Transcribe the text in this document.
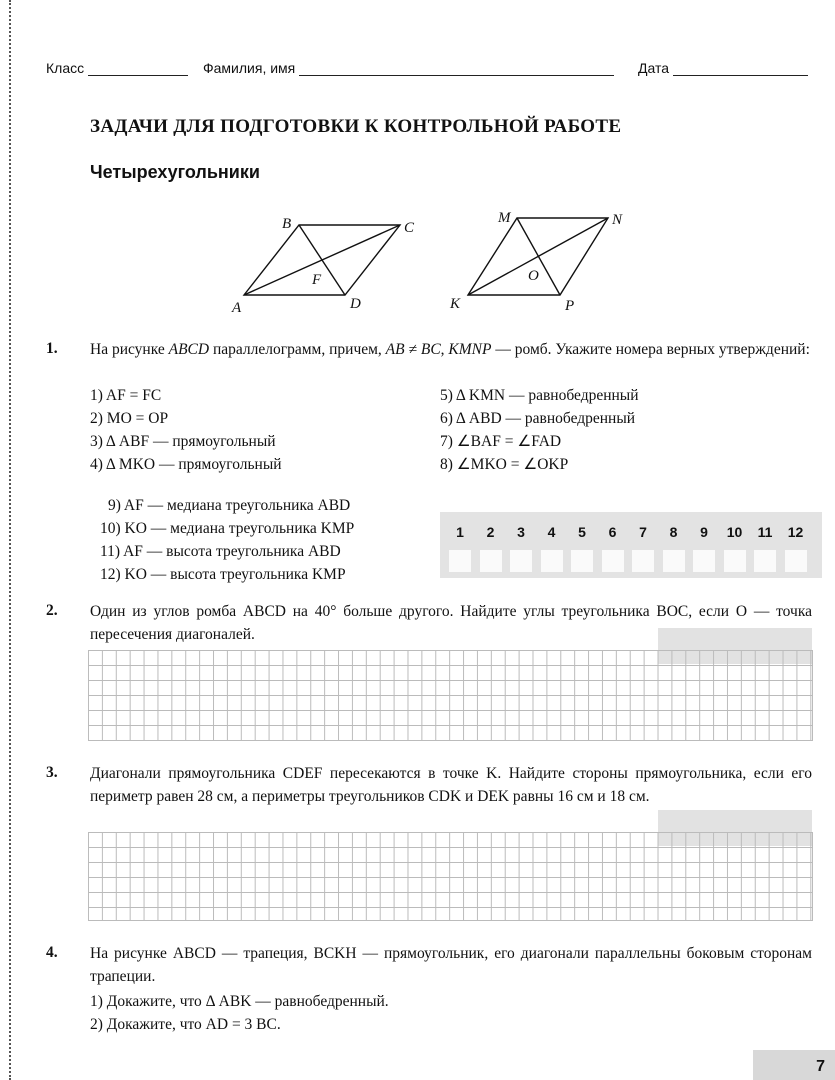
Класс	Фамилия, имя	Дата
ЗАДАЧИ ДЛЯ ПОДГОТОВКИ К КОНТРОЛЬНОЙ РАБОТЕ
Четырехугольники
A
B	C
D
F
K
M	N
P
O
1. На рисунке ABCD параллелограмм, причем, AB ≠ BC, KMNP — ромб. Укажите номера верных утверждений:
1) AF = FC
2) MO = OP
3) Δ ABF — прямоугольный
4) Δ MKO — прямоугольный
5) Δ KMN — равнобедренный
6) Δ ABD — равнобедренный
7) ∠BAF = ∠FAD
8) ∠MKO = ∠OKP
9) AF — медиана треугольника ABD
10) KO — медиана треугольника KMP
11) AF — высота треугольника ABD
12) KO — высота треугольника KMP
1	2	3	4	5	6	7	8	9	10	11	12
2. Один из углов ромба ABCD на 40° больше другого. Найдите углы треугольника BOC, если O — точка пересечения диагоналей.
3. Диагонали прямоугольника CDEF пересекаются в точке K. Найдите стороны прямоугольника, если его периметр равен 28 см, а периметры треугольников CDK и DEK равны 16 см и 18 см.
4. На рисунке ABCD — трапеция, BCKH — прямоугольник, его диагонали параллельны боковым сторонам трапеции.
1) Докажите, что Δ ABK — равнобедренный.
2) Докажите, что AD = 3 BC.
7
